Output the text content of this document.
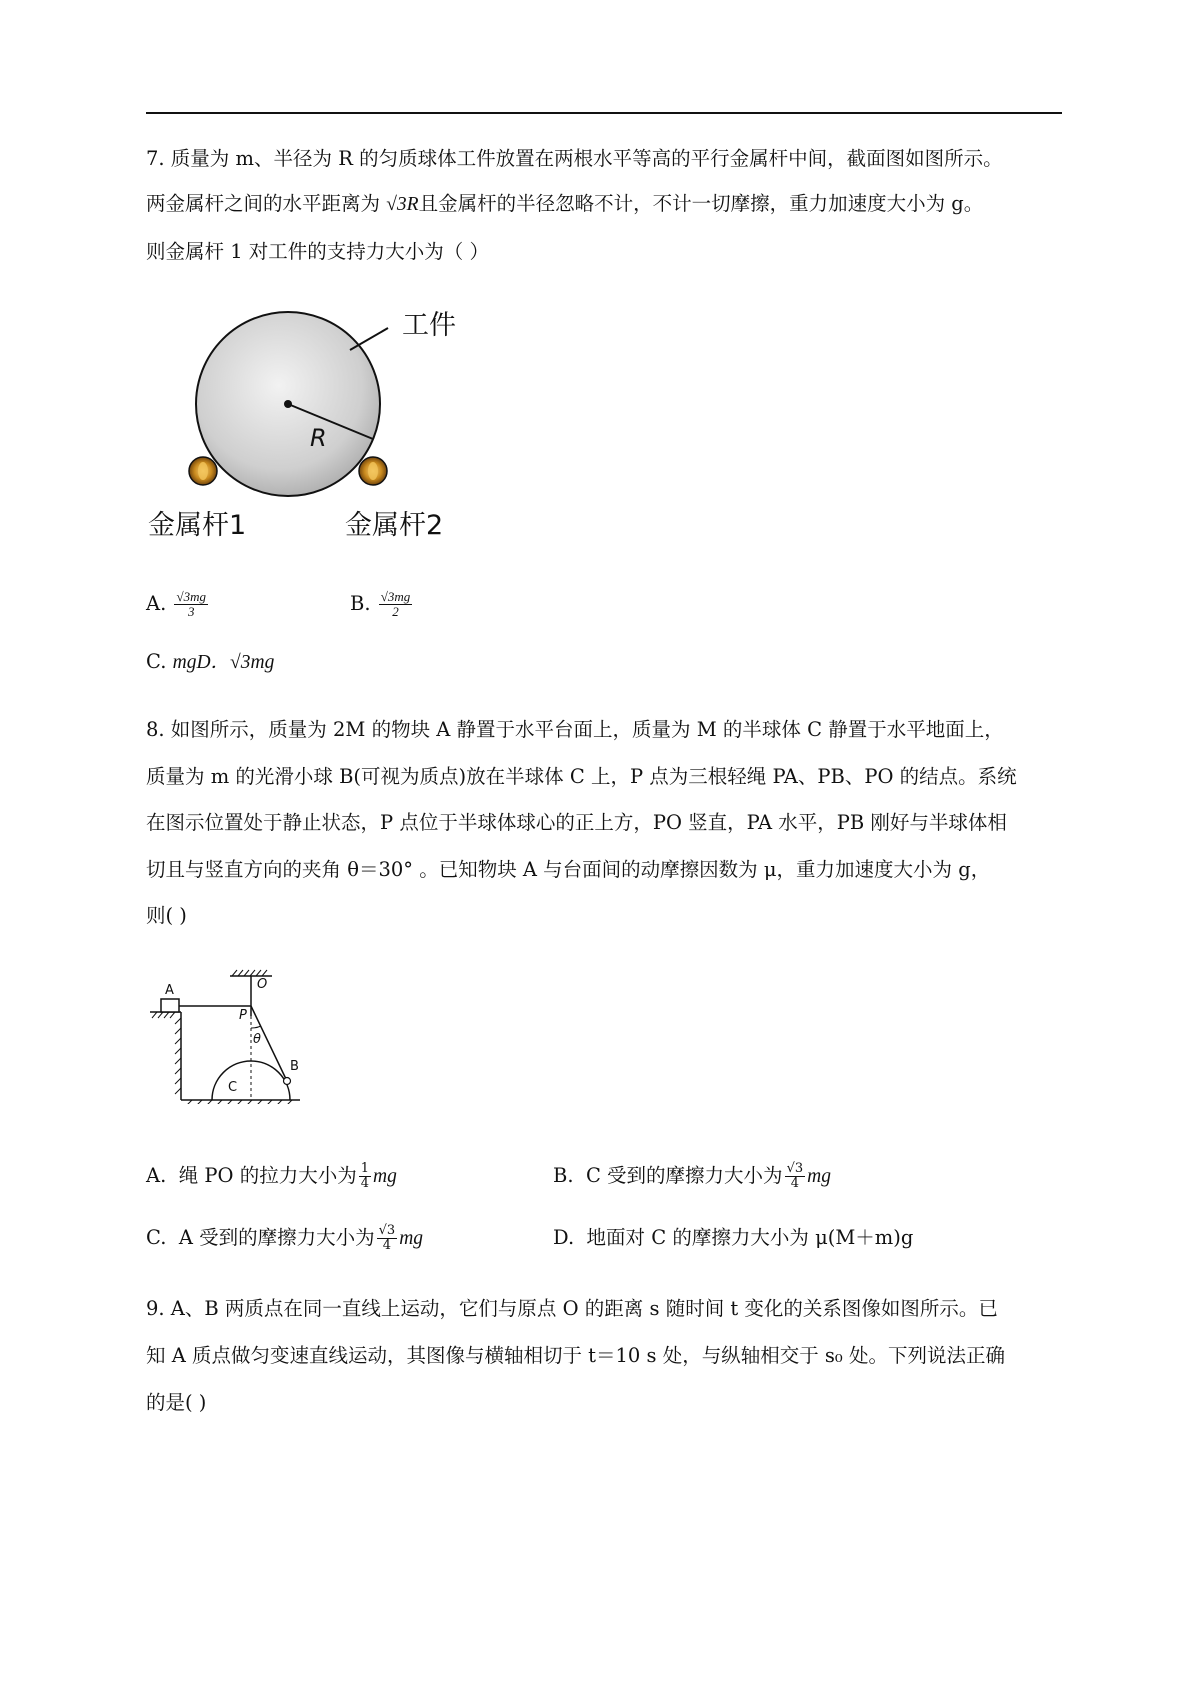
7. 质量为 m、半径为 R 的匀质球体工件放置在两根水平等高的平行金属杆中间，截面图如图所示。
两金属杆之间的水平距离为 √3R且金属杆的半径忽略不计，不计一切摩擦，重力加速度大小为 g。
则金属杆 1 对工件的支持力大小为（ ）
工件
R
金属杆1	金属杆2
A. $\frac{√3mg}{3}$	B. $\frac{√3mg}{2}$
C. mgD．√3mg
8. 如图所示，质量为 2M 的物块 A 静置于水平台面上，质量为 M 的半球体 C 静置于水平地面上，
质量为 m 的光滑小球 B(可视为质点)放在半球体 C 上，P 点为三根轻绳 PA、PB、PO 的结点。系统
在图示位置处于静止状态，P 点位于半球体球心的正上方，PO 竖直，PA 水平，PB 刚好与半球体相
切且与竖直方向的夹角 θ＝30° 。已知物块 A 与台面间的动摩擦因数为 μ，重力加速度大小为 g，
则( )
A
C
O
P
θ
B
A. 绳 PO 的拉力大小为 $\frac{1}{4}$ mg	B. C 受到的摩擦力大小为 $\frac{√3}{4}$ mg
C. A 受到的摩擦力大小为 $\frac{√3}{4}$ mg	D. 地面对 C 的摩擦力大小为 μ(M＋m)g
9. A、B 两质点在同一直线上运动，它们与原点 O 的距离 s 随时间 t 变化的关系图像如图所示。已
知 A 质点做匀变速直线运动，其图像与横轴相切于 t＝10 s 处，与纵轴相交于 s₀ 处。下列说法正确
的是( )
